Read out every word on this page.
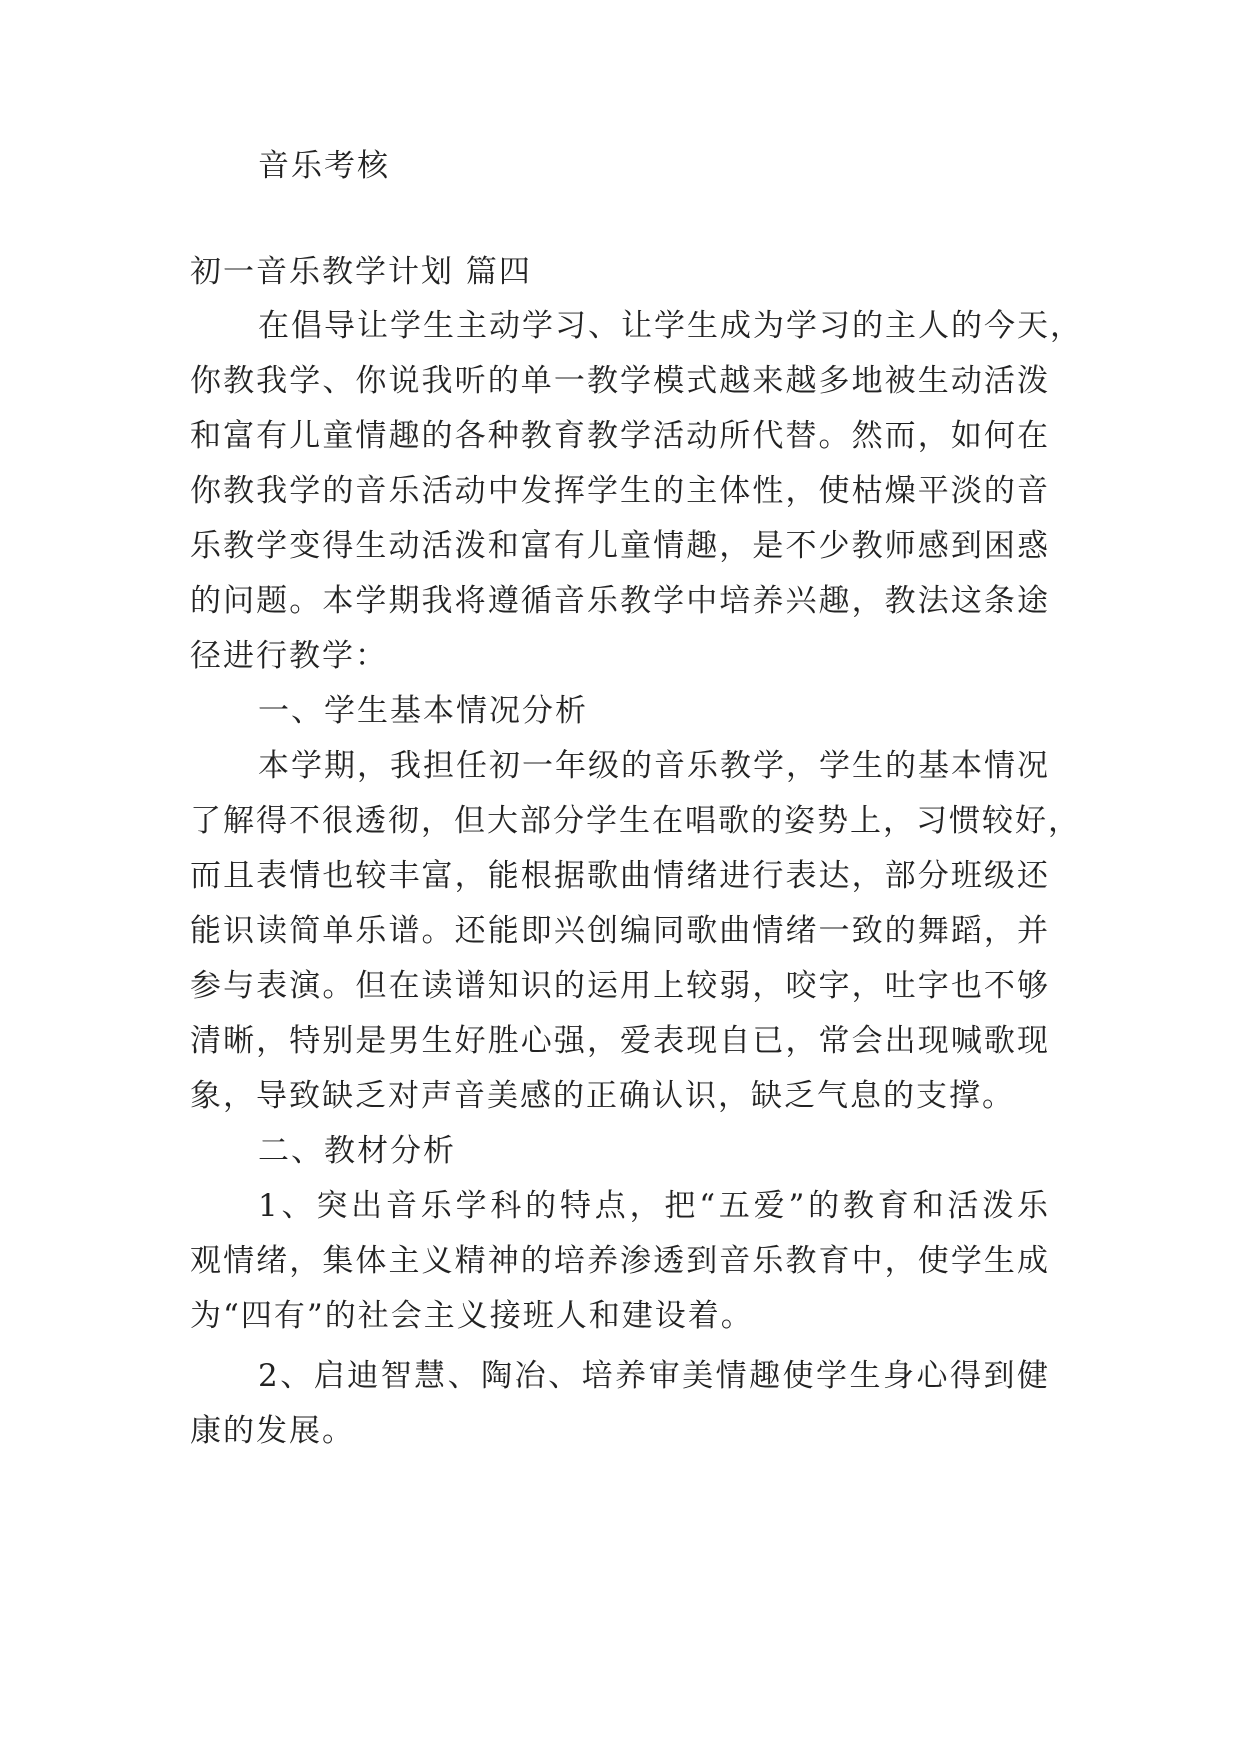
音乐考核

初一音乐教学计划 篇四

在倡导让学生主动学习、让学生成为学习的主人的今天，

你教我学、你说我听的单一教学模式越来越多地被生动活泼

和富有儿童情趣的各种教育教学活动所代替。然而，如何在

你教我学的音乐活动中发挥学生的主体性，使枯燥平淡的音

乐教学变得生动活泼和富有儿童情趣，是不少教师感到困惑

的问题。本学期我将遵循音乐教学中培养兴趣，教法这条途

径进行教学：

一、学生基本情况分析

本学期，我担任初一年级的音乐教学，学生的基本情况

了解得不很透彻，但大部分学生在唱歌的姿势上，习惯较好，

而且表情也较丰富，能根据歌曲情绪进行表达，部分班级还

能识读简单乐谱。还能即兴创编同歌曲情绪一致的舞蹈，并

参与表演。但在读谱知识的运用上较弱，咬字，吐字也不够

清晰，特别是男生好胜心强，爱表现自已，常会出现喊歌现

象，导致缺乏对声音美感的正确认识，缺乏气息的支撑。

二、教材分析

1、突出音乐学科的特点，把“五爱”的教育和活泼乐

观情绪，集体主义精神的培养渗透到音乐教育中，使学生成

为“四有”的社会主义接班人和建设着。

2、启迪智慧、陶冶、培养审美情趣使学生身心得到健

康的发展。
